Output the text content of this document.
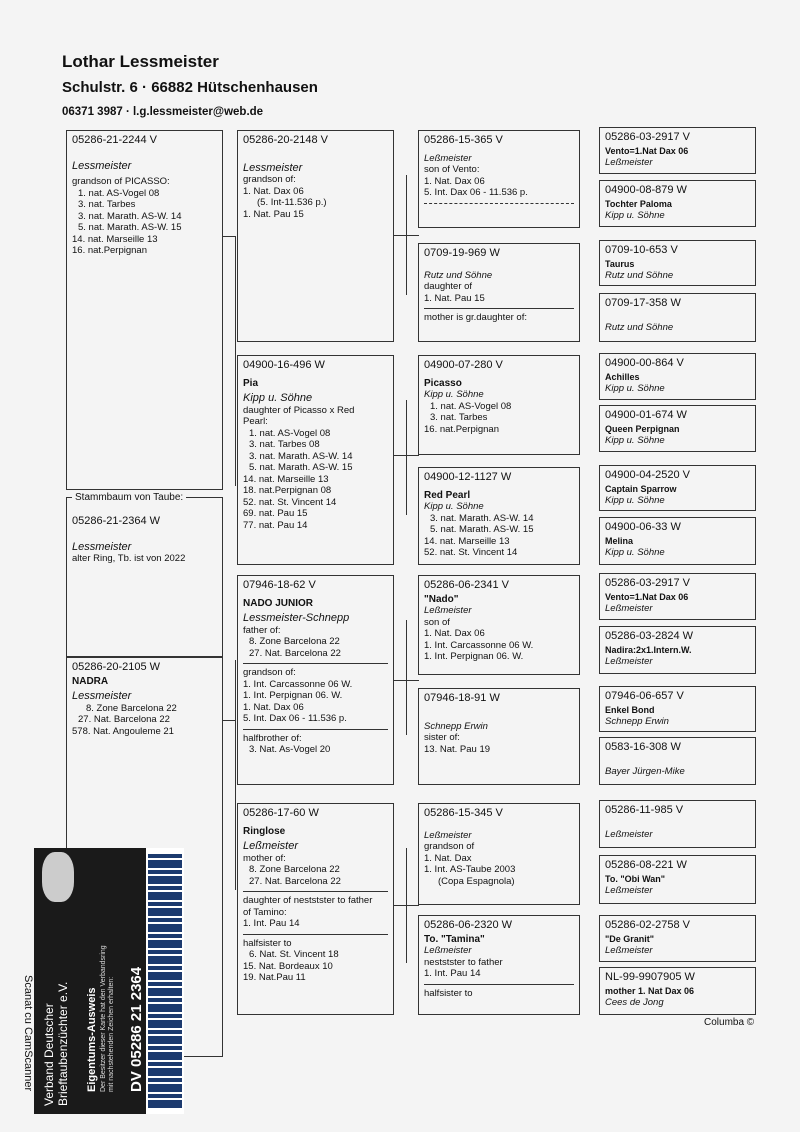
Lothar Lessmeister
Schulstr. 6 · 66882 Hütschenhausen
06371 3987 · l.g.lessmeister@web.de
05286-21-2244 V
Lessmeister
grandson of PICASSO:
1. nat. AS-Vogel 08
3. nat. Tarbes
3. nat. Marath. AS-W. 14
5. nat. Marath. AS-W. 15
14. nat. Marseille 13
16. nat.Perpignan
05286-21-2364 W
Lessmeister
alter Ring, Tb. ist von 2022
Stammbaum von Taube:
05286-20-2105 W
NADRA
Lessmeister
8. Zone Barcelona 22
27. Nat. Barcelona 22
578. Nat. Angouleme 21
05286-20-2148 V
Lessmeister
grandson of:
1. Nat. Dax 06
(5. Int-11.536 p.)
1. Nat. Pau 15
04900-16-496 W
Pia
Kipp u. Söhne
daughter of Picasso x Red
Pearl:
1. nat. AS-Vogel 08
3. nat. Tarbes 08
3. nat. Marath. AS-W. 14
5. nat. Marath. AS-W. 15
14. nat. Marseille 13
18. nat.Perpignan 08
52. nat. St. Vincent 14
69. nat. Pau 15
77. nat. Pau 14
07946-18-62 V
NADO JUNIOR
Lessmeister-Schnepp
father of:
8. Zone Barcelona 22
27. Nat. Barcelona 22
grandson of:
1. Int. Carcassonne 06 W.
1. Int. Perpignan 06. W.
1. Nat. Dax 06
5. Int. Dax 06 - 11.536 p.
halfbrother of:
3. Nat. As-Vogel 20
05286-17-60 W
Ringlose
Leßmeister
mother of:
8. Zone Barcelona 22
27. Nat. Barcelona 22
daughter of neststster to father
of Tamino:
1. Int. Pau 14
halfsister to
6. Nat. St. Vincent 18
15. Nat. Bordeaux 10
19. Nat.Pau 11
05286-15-365 V
Leßmeister
son of Vento:
1. Nat. Dax 06
5. Int. Dax 06 - 11.536 p.
0709-19-969 W
Rutz und Söhne
daughter of
1. Nat. Pau 15
mother is gr.daughter of:
04900-07-280 V
Picasso
Kipp u. Söhne
1. nat. AS-Vogel 08
3. nat. Tarbes
16. nat.Perpignan
04900-12-1127 W
Red Pearl
Kipp u. Söhne
3. nat. Marath. AS-W. 14
5. nat. Marath. AS-W. 15
14. nat. Marseille 13
52. nat. St. Vincent 14
05286-06-2341 V
"Nado"
Leßmeister
son of
1. Nat. Dax 06
1. Int. Carcassonne 06 W.
1. Int. Perpignan 06. W.
07946-18-91 W
Schnepp Erwin
sister of:
13. Nat. Pau 19
05286-15-345 V
Leßmeister
grandson of
1. Nat. Dax
1. Int. AS-Taube 2003
(Copa Espagnola)
05286-06-2320 W
To. "Tamina"
Leßmeister
neststster to father
1. Int. Pau 14
halfsister to
05286-03-2917 V
Vento=1.Nat Dax 06
Leßmeister
04900-08-879 W
Tochter Paloma
Kipp u. Söhne
0709-10-653 V
Taurus
Rutz und Söhne
0709-17-358 W
Rutz und Söhne
04900-00-864 V
Achilles
Kipp u. Söhne
04900-01-674 W
Queen Perpignan
Kipp u. Söhne
04900-04-2520 V
Captain Sparrow
Kipp u. Söhne
04900-06-33 W
Melina
Kipp u. Söhne
05286-03-2917 V
Vento=1.Nat Dax 06
Leßmeister
05286-03-2824 W
Nadira:2x1.Intern.W.
Leßmeister
07946-06-657 V
Enkel Bond
Schnepp Erwin
0583-16-308 W
Bayer Jürgen-Mike
05286-11-985 V
Leßmeister
05286-08-221 W
To. "Obi Wan"
Leßmeister
05286-02-2758 V
"De Granit"
Leßmeister
NL-99-9907905 W
mother 1. Nat Dax 06
Cees de Jong
Columba ©
Scanat cu CamScanner Verband Deutscher Brieftaubenzüchter e.V. Eigentums-Ausweis Der Besitzer dieser Karte hat den Verbandsring mit nachstehenden Zeichen erhalten: DV 05286 21 2364
